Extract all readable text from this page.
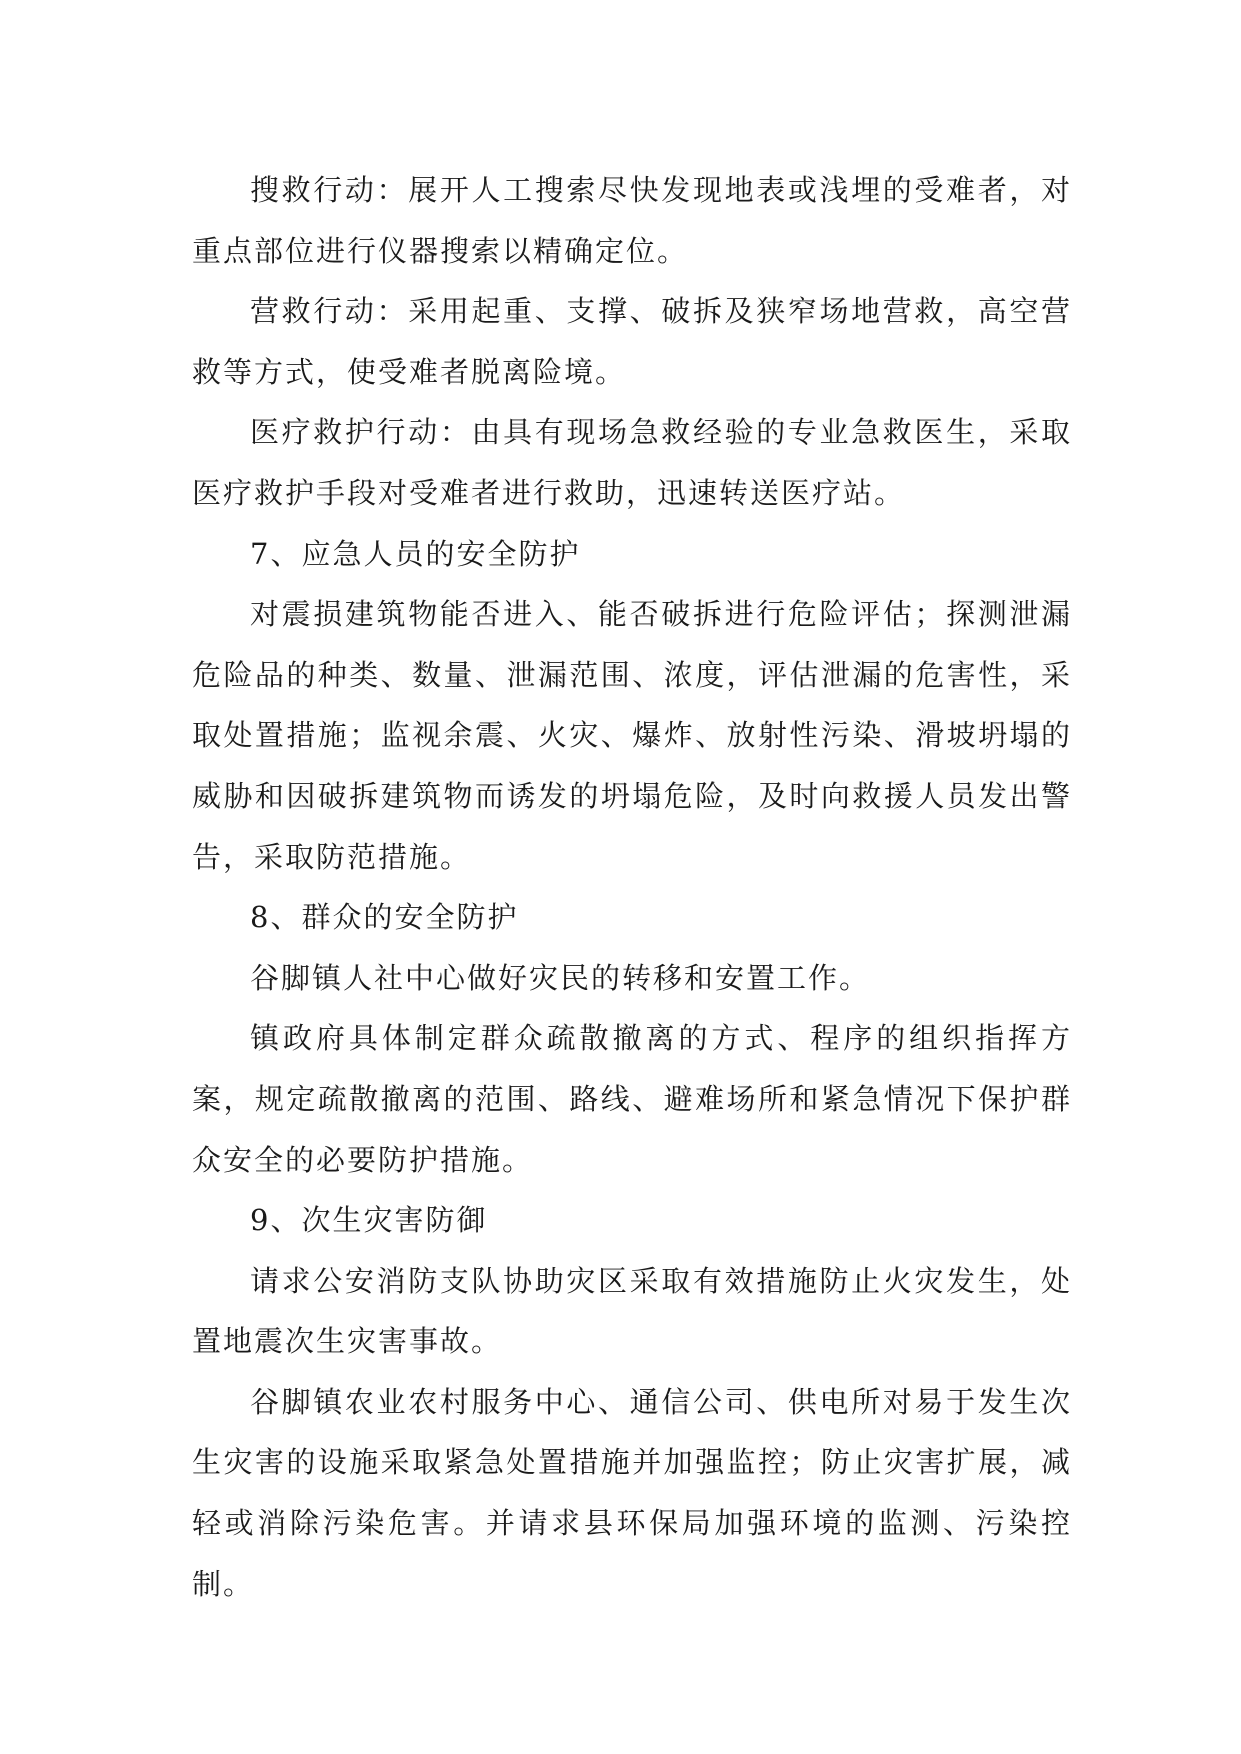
搜救行动：展开人工搜索尽快发现地表或浅埋的受难者，对重点部位进行仪器搜索以精确定位。

营救行动：采用起重、支撑、破拆及狭窄场地营救，高空营救等方式，使受难者脱离险境。

医疗救护行动：由具有现场急救经验的专业急救医生，采取医疗救护手段对受难者进行救助，迅速转送医疗站。

7、应急人员的安全防护

对震损建筑物能否进入、能否破拆进行危险评估；探测泄漏危险品的种类、数量、泄漏范围、浓度，评估泄漏的危害性，采取处置措施；监视余震、火灾、爆炸、放射性污染、滑坡坍塌的威胁和因破拆建筑物而诱发的坍塌危险，及时向救援人员发出警告，采取防范措施。

8、群众的安全防护

谷脚镇人社中心做好灾民的转移和安置工作。

镇政府具体制定群众疏散撤离的方式、程序的组织指挥方案，规定疏散撤离的范围、路线、避难场所和紧急情况下保护群众安全的必要防护措施。

9、次生灾害防御

请求公安消防支队协助灾区采取有效措施防止火灾发生，处置地震次生灾害事故。

谷脚镇农业农村服务中心、通信公司、供电所对易于发生次生灾害的设施采取紧急处置措施并加强监控；防止灾害扩展，减轻或消除污染危害。并请求县环保局加强环境的监测、污染控制。
